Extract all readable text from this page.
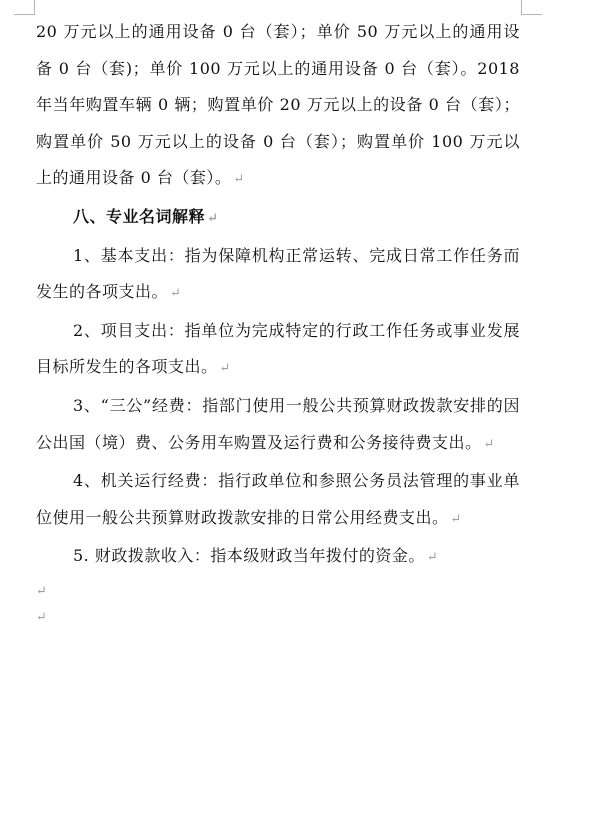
20 万元以上的通用设备 0 台（套）；单价 50 万元以上的通用设备 0 台（套)；单价 100 万元以上的通用设备 0 台（套）。2018 年当年购置车辆 0 辆；购置单价 20 万元以上的设备 0 台（套）；购置单价 50 万元以上的设备 0 台（套）；购置单价 100 万元以上的通用设备 0 台（套）。 ↵

八、专业名词解释 ↵

1、基本支出：指为保障机构正常运转、完成日常工作任务而发生的各项支出。 ↵

2、项目支出：指单位为完成特定的行政工作任务或事业发展目标所发生的各项支出。 ↵

3、“三公”经费：指部门使用一般公共预算财政拨款安排的因公出国（境）费、公务用车购置及运行费和公务接待费支出。 ↵

4、机关运行经费：指行政单位和参照公务员法管理的事业单位使用一般公共预算财政拨款安排的日常公用经费支出。 ↵

5. 财政拨款收入：指本级财政当年拨付的资金。 ↵

↵

↵
